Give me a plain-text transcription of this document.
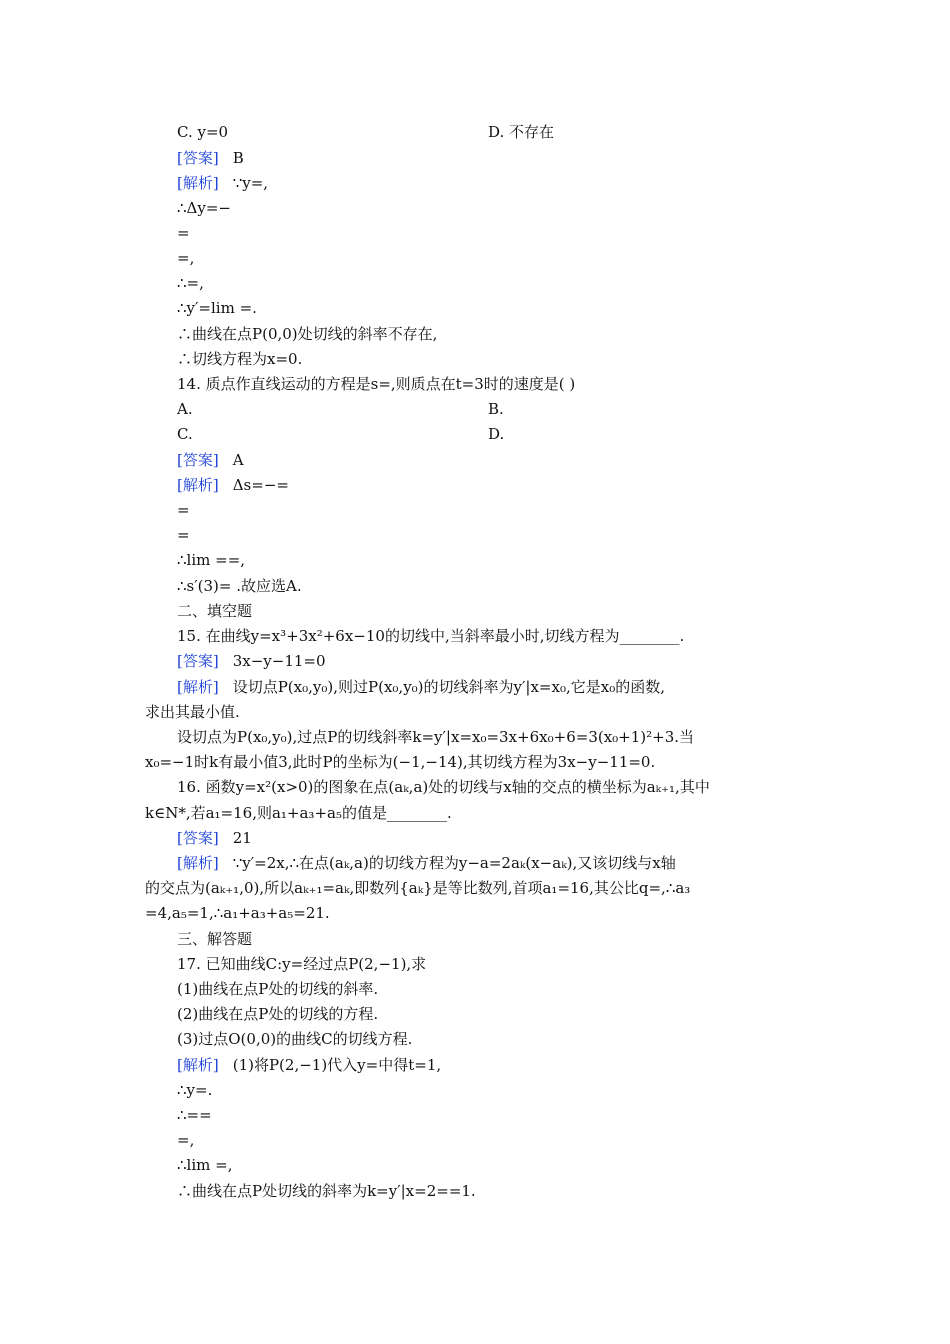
C. y=0	D. 不存在
[答案] B
[解析] ∵y=,
∴Δy=−
=
=,
∴=,
∴y′=lim =.
∴曲线在点P(0,0)处切线的斜率不存在,
∴切线方程为x=0.
14. 质点作直线运动的方程是s=,则质点在t=3时的速度是( )
A.	B.
C.	D.
[答案] A
[解析] Δs=−=
=
=
∴lim ==,
∴s′(3)= .故应选A.
二、填空题
15. 在曲线y=x³+3x²+6x−10的切线中,当斜率最小时,切线方程为________.
[答案] 3x−y−11=0
[解析] 设切点P(x₀,y₀),则过P(x₀,y₀)的切线斜率为y′|x=x₀,它是x₀的函数,
求出其最小值.
设切点为P(x₀,y₀),过点P的切线斜率k=y′|x=x₀=3x+6x₀+6=3(x₀+1)²+3.当
x₀=−1时k有最小值3,此时P的坐标为(−1,−14),其切线方程为3x−y−11=0.
16. 函数y=x²(x>0)的图象在点(aₖ,a)处的切线与x轴的交点的横坐标为aₖ₊₁,其中
k∈N*,若a₁=16,则a₁+a₃+a₅的值是________.
[答案] 21
[解析] ∵y′=2x,∴在点(aₖ,a)的切线方程为y−a=2aₖ(x−aₖ),又该切线与x轴
的交点为(aₖ₊₁,0),所以aₖ₊₁=aₖ,即数列{aₖ}是等比数列,首项a₁=16,其公比q=,∴a₃
=4,a₅=1,∴a₁+a₃+a₅=21.
三、解答题
17. 已知曲线C:y=经过点P(2,−1),求
(1)曲线在点P处的切线的斜率.
(2)曲线在点P处的切线的方程.
(3)过点O(0,0)的曲线C的切线方程.
[解析] (1)将P(2,−1)代入y=中得t=1,
∴y=.
∴==
=,
∴lim =,
∴曲线在点P处切线的斜率为k=y′|x=2==1.
